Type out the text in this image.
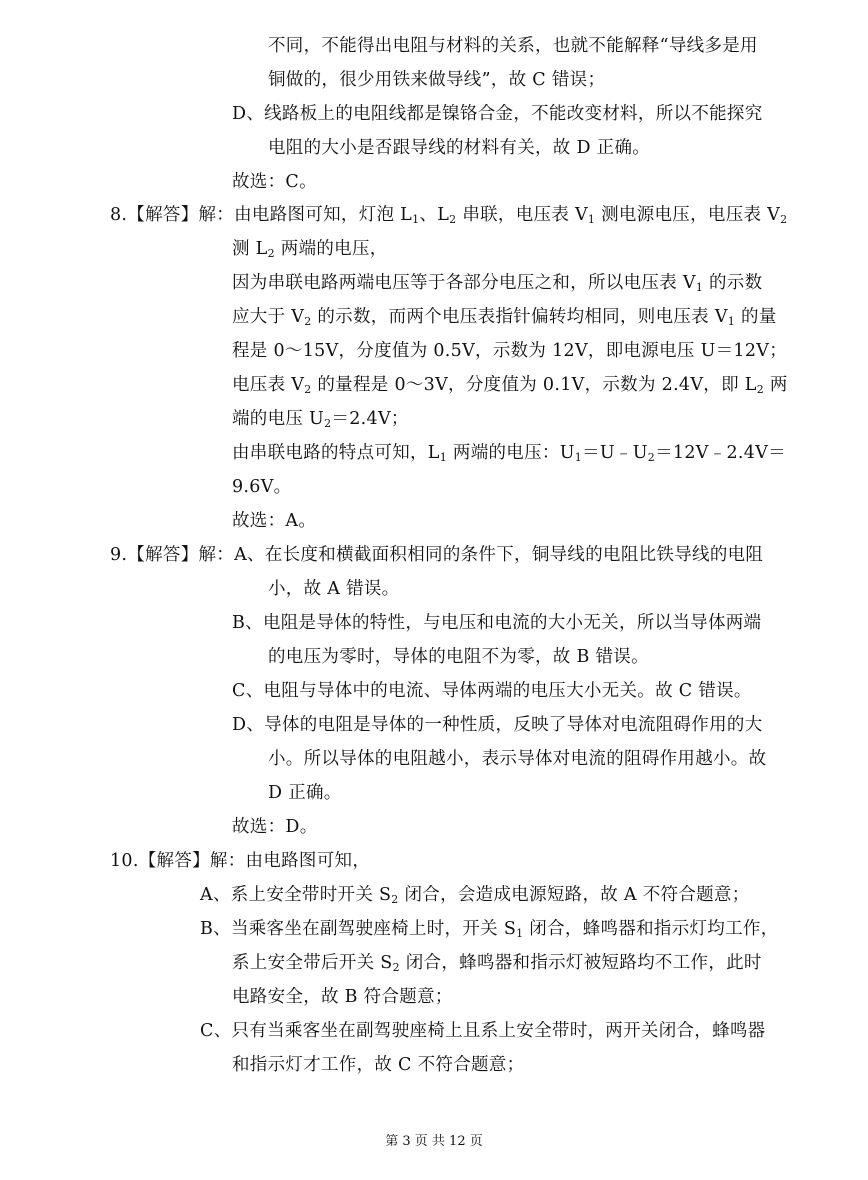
不同，不能得出电阻与材料的关系，也就不能解释“导线多是用
铜做的，很少用铁来做导线”，故 C 错误；
D、线路板上的电阻线都是镍铬合金，不能改变材料，所以不能探究
电阻的大小是否跟导线的材料有关，故 D 正确。
故选：C。
8.【解答】解：由电路图可知，灯泡 $L_1$、$L_2$ 串联，电压表 $V_1$ 测电源电压，电压表 $V_2$
测 $L_2$ 两端的电压，
因为串联电路两端电压等于各部分电压之和，所以电压表 $V_1$ 的示数
应大于 $V_2$ 的示数，而两个电压表指针偏转均相同，则电压表 $V_1$ 的量
程是 0～15V，分度值为 0.5V，示数为 12V，即电源电压 U＝12V；
电压表 $V_2$ 的量程是 0～3V，分度值为 0.1V，示数为 2.4V，即 $L_2$ 两
端的电压 $U_2=2.4V$；
由串联电路的特点可知，$L_1$ 两端的电压：$U_1=U﹣U_2=12V﹣2.4V=$
9.6V。
故选：A。
9.【解答】解：A、在长度和横截面积相同的条件下，铜导线的电阻比铁导线的电阻
小，故 A 错误。
B、电阻是导体的特性，与电压和电流的大小无关，所以当导体两端
的电压为零时，导体的电阻不为零，故 B 错误。
C、电阻与导体中的电流、导体两端的电压大小无关。故 C 错误。
D、导体的电阻是导体的一种性质，反映了导体对电流阻碍作用的大
小。所以导体的电阻越小，表示导体对电流的阻碍作用越小。故
D 正确。
故选：D。
10.【解答】解：由电路图可知，
A、系上安全带时开关 $S_2$ 闭合，会造成电源短路，故 A 不符合题意；
B、当乘客坐在副驾驶座椅上时，开关 $S_1$ 闭合，蜂鸣器和指示灯均工作，
系上安全带后开关 $S_2$ 闭合，蜂鸣器和指示灯被短路均不工作，此时
电路安全，故 B 符合题意；
C、只有当乘客坐在副驾驶座椅上且系上安全带时，两开关闭合，蜂鸣器
和指示灯才工作，故 C 不符合题意；
第 3 页 共 12 页
